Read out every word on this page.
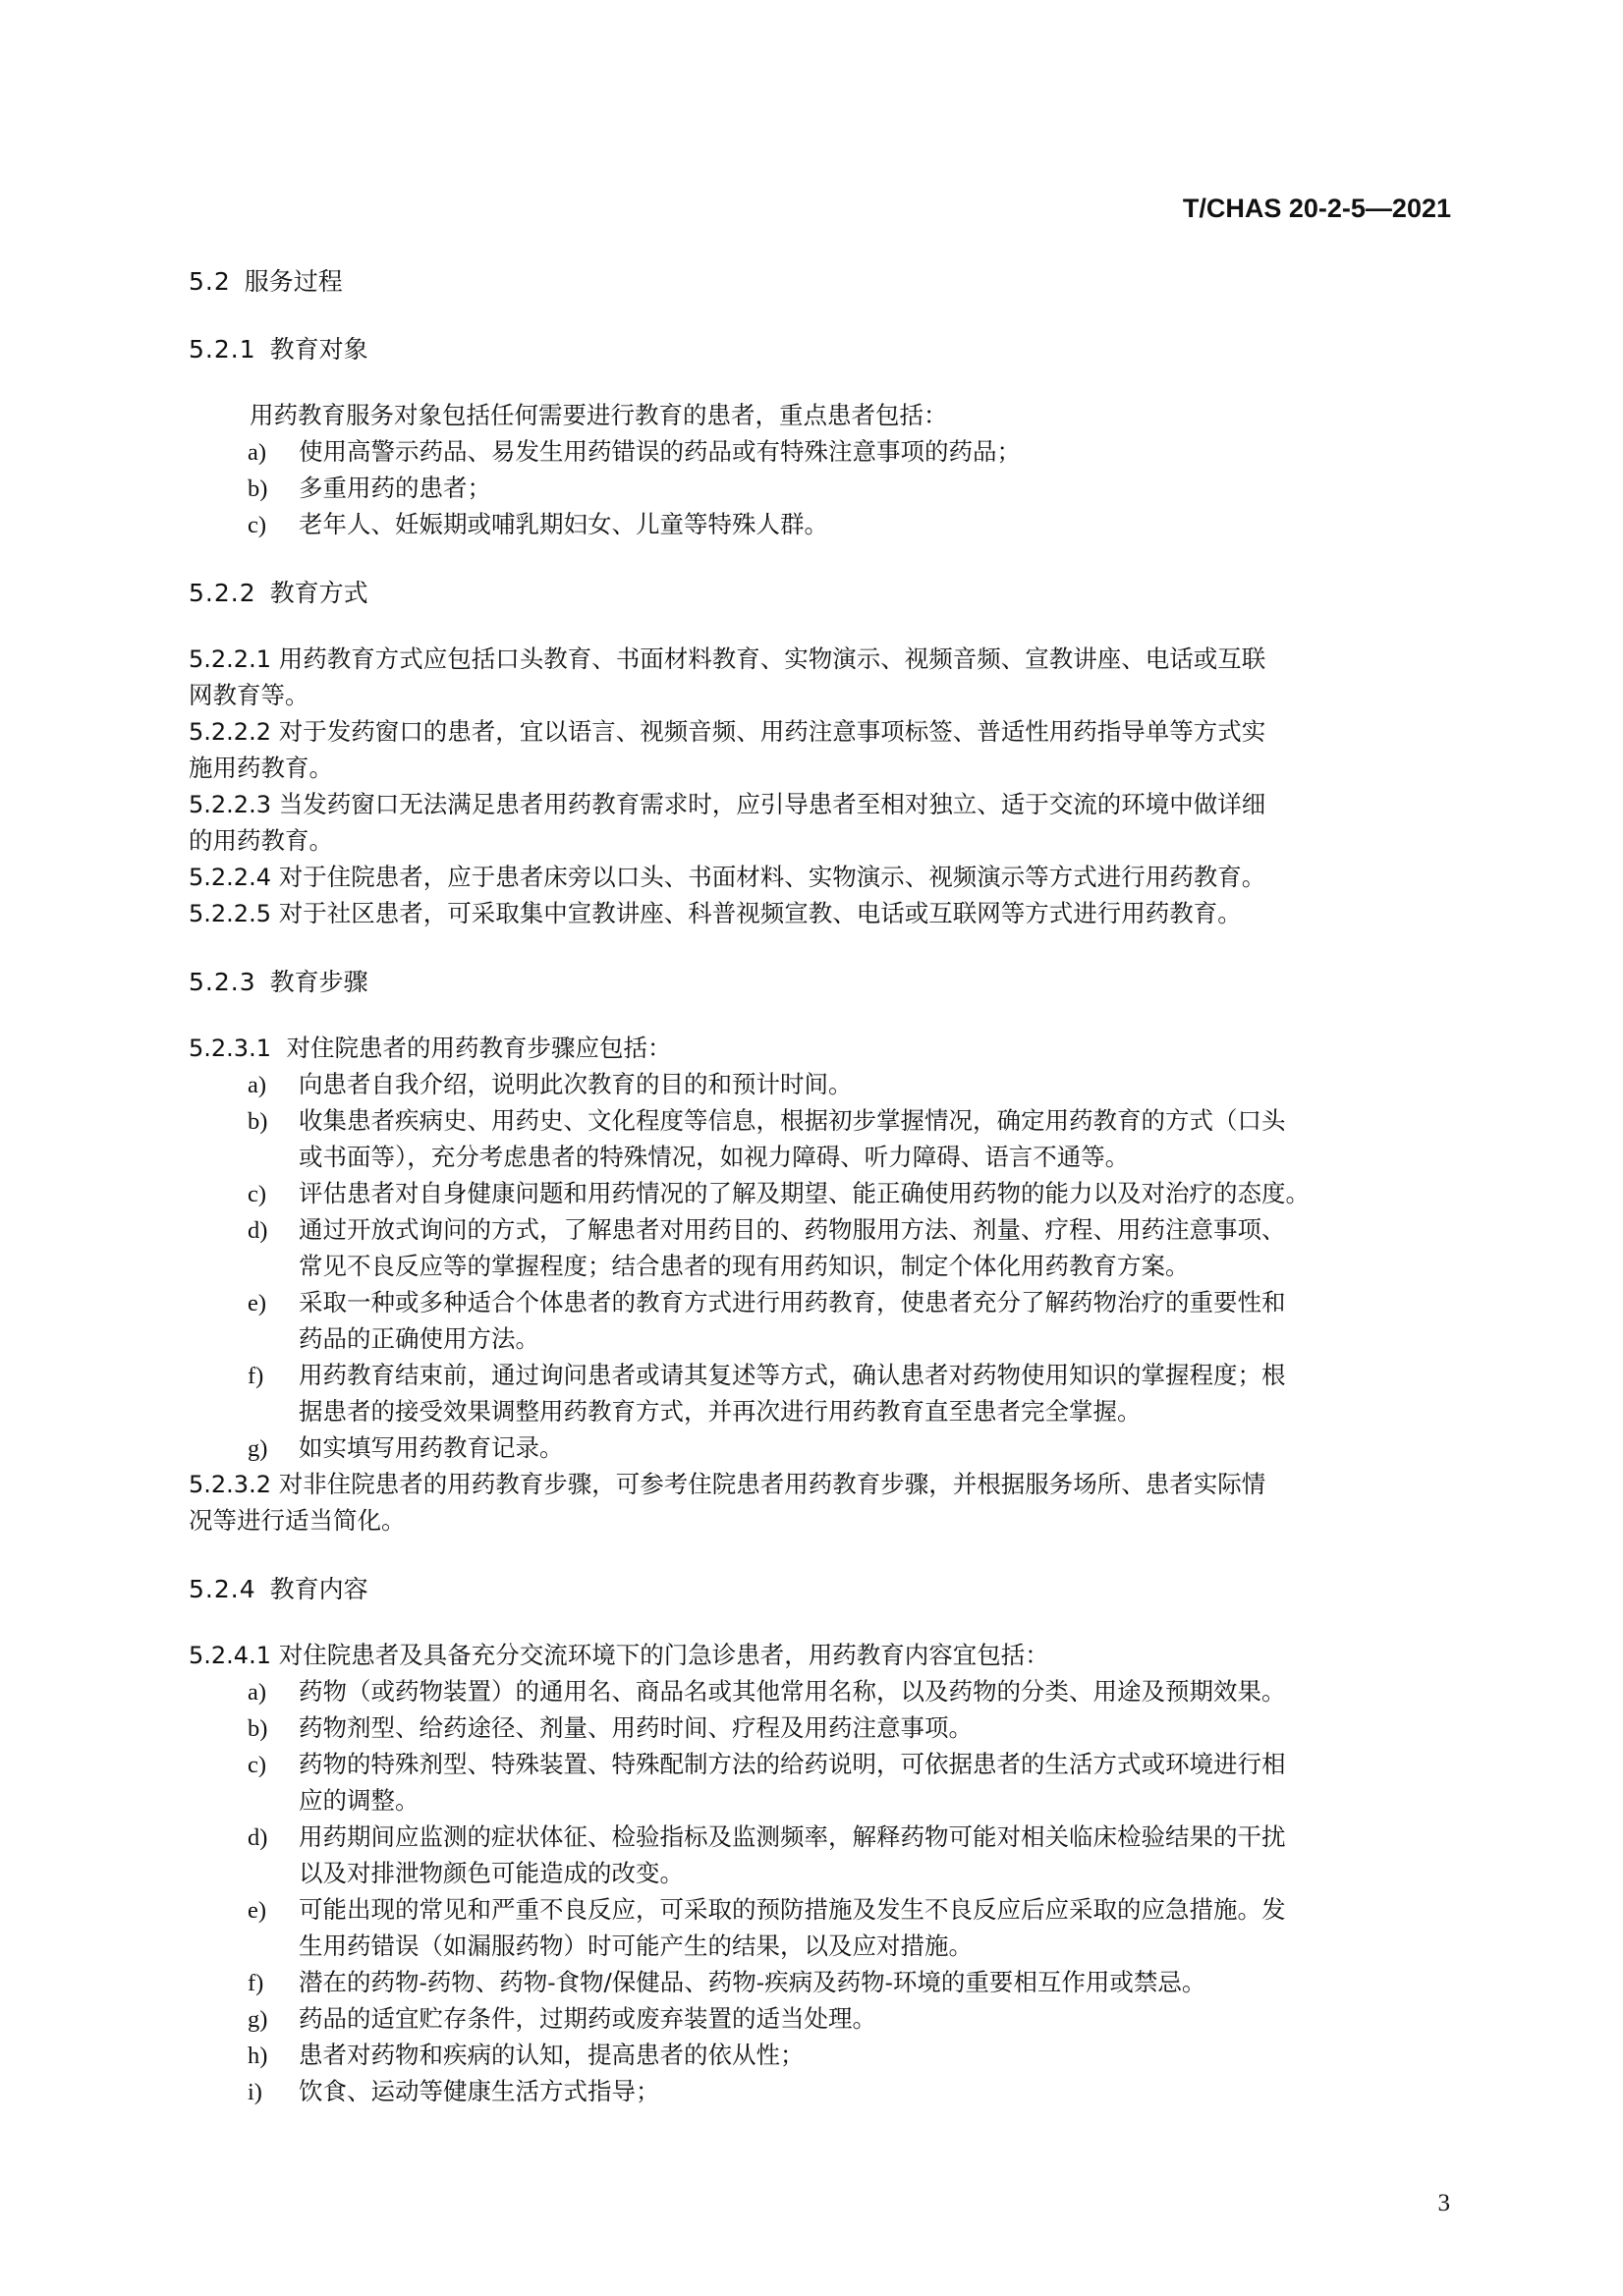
T/CHAS 20-2-5—2021
5.2 服务过程
5.2.1 教育对象
用药教育服务对象包括任何需要进行教育的患者，重点患者包括：
a) 使用高警示药品、易发生用药错误的药品或有特殊注意事项的药品；
b) 多重用药的患者；
c) 老年人、妊娠期或哺乳期妇女、儿童等特殊人群。
5.2.2 教育方式
5.2.2.1 用药教育方式应包括口头教育、书面材料教育、实物演示、视频音频、宣教讲座、电话或互联
网教育等。
5.2.2.2 对于发药窗口的患者，宜以语言、视频音频、用药注意事项标签、普适性用药指导单等方式实
施用药教育。
5.2.2.3 当发药窗口无法满足患者用药教育需求时，应引导患者至相对独立、适于交流的环境中做详细
的用药教育。
5.2.2.4 对于住院患者，应于患者床旁以口头、书面材料、实物演示、视频演示等方式进行用药教育。
5.2.2.5 对于社区患者，可采取集中宣教讲座、科普视频宣教、电话或互联网等方式进行用药教育。
5.2.3 教育步骤
5.2.3.1 对住院患者的用药教育步骤应包括：
a) 向患者自我介绍，说明此次教育的目的和预计时间。
b) 收集患者疾病史、用药史、文化程度等信息，根据初步掌握情况，确定用药教育的方式（口头
或书面等），充分考虑患者的特殊情况，如视力障碍、听力障碍、语言不通等。
c) 评估患者对自身健康问题和用药情况的了解及期望、能正确使用药物的能力以及对治疗的态度。
d) 通过开放式询问的方式，了解患者对用药目的、药物服用方法、剂量、疗程、用药注意事项、
常见不良反应等的掌握程度；结合患者的现有用药知识，制定个体化用药教育方案。
e) 采取一种或多种适合个体患者的教育方式进行用药教育，使患者充分了解药物治疗的重要性和
药品的正确使用方法。
f) 用药教育结束前，通过询问患者或请其复述等方式，确认患者对药物使用知识的掌握程度；根
据患者的接受效果调整用药教育方式，并再次进行用药教育直至患者完全掌握。
g) 如实填写用药教育记录。
5.2.3.2 对非住院患者的用药教育步骤，可参考住院患者用药教育步骤，并根据服务场所、患者实际情
况等进行适当简化。
5.2.4 教育内容
5.2.4.1 对住院患者及具备充分交流环境下的门急诊患者，用药教育内容宜包括：
a) 药物（或药物装置）的通用名、商品名或其他常用名称，以及药物的分类、用途及预期效果。
b) 药物剂型、给药途径、剂量、用药时间、疗程及用药注意事项。
c) 药物的特殊剂型、特殊装置、特殊配制方法的给药说明，可依据患者的生活方式或环境进行相
应的调整。
d) 用药期间应监测的症状体征、检验指标及监测频率，解释药物可能对相关临床检验结果的干扰
以及对排泄物颜色可能造成的改变。
e) 可能出现的常见和严重不良反应，可采取的预防措施及发生不良反应后应采取的应急措施。发
生用药错误（如漏服药物）时可能产生的结果，以及应对措施。
f) 潜在的药物-药物、药物-食物/保健品、药物-疾病及药物-环境的重要相互作用或禁忌。
g) 药品的适宜贮存条件，过期药或废弃装置的适当处理。
h) 患者对药物和疾病的认知，提高患者的依从性；
i) 饮食、运动等健康生活方式指导；
3
